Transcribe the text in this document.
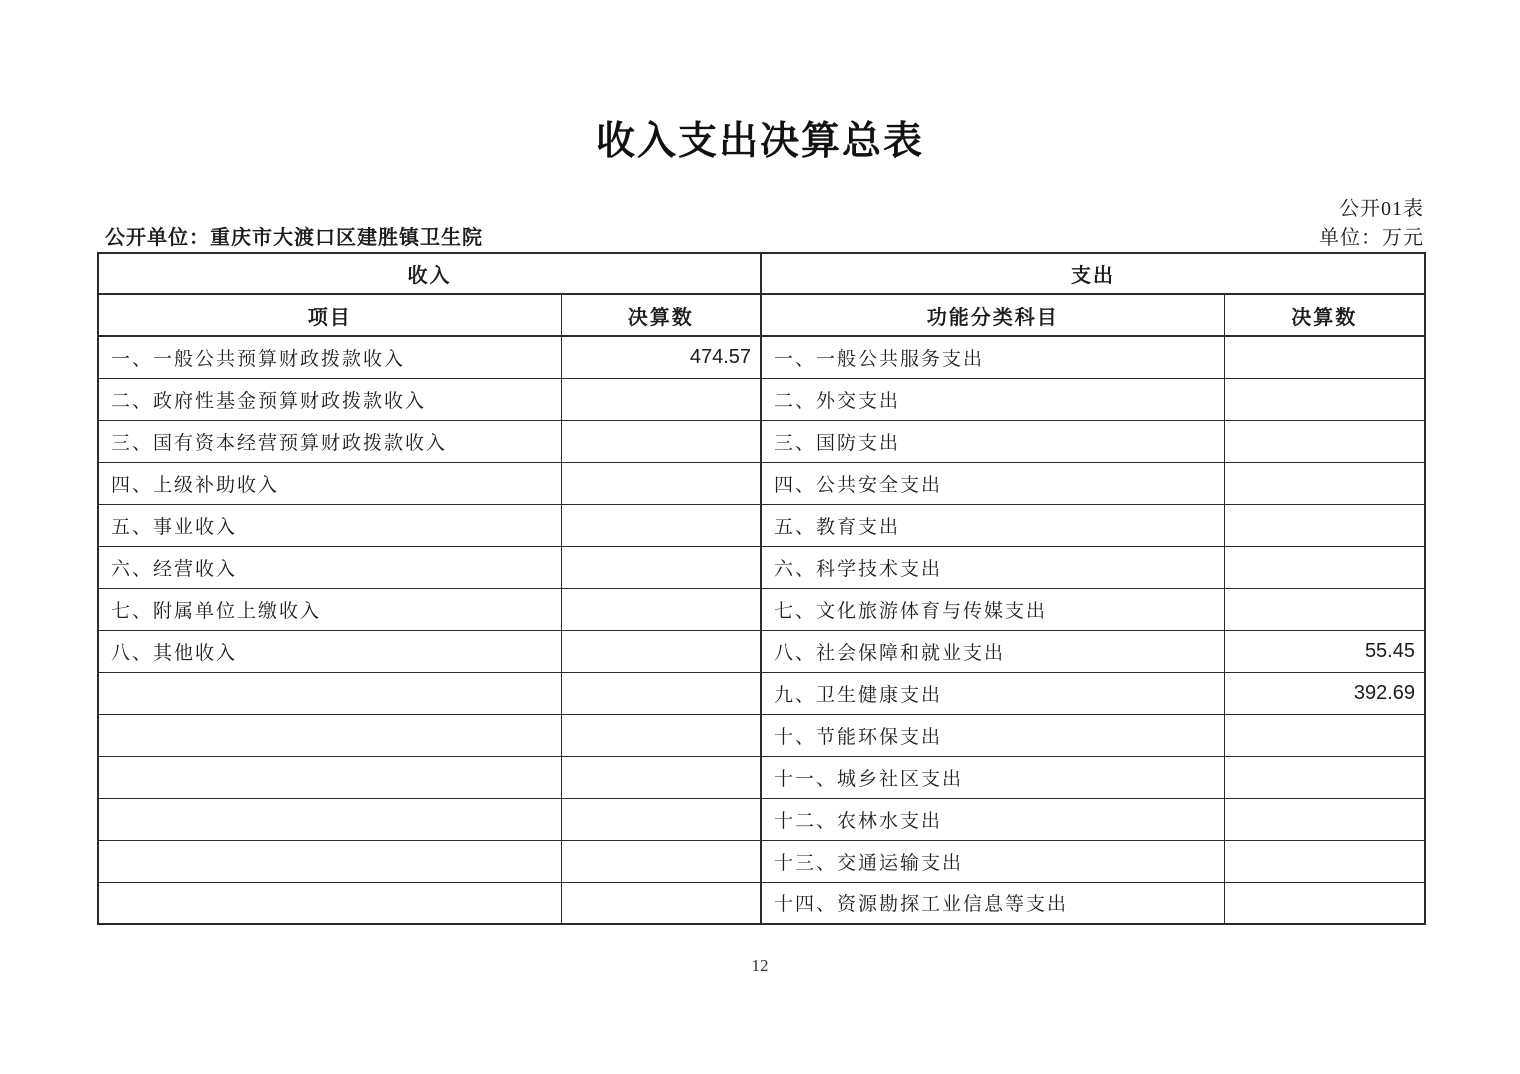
收入支出决算总表
公开01表
公开单位：重庆市大渡口区建胜镇卫生院	单位：万元
收入		支出	
项目	决算数	功能分类科目	决算数
一、一般公共预算财政拨款收入	474.57	一、一般公共服务支出	
二、政府性基金预算财政拨款收入		二、外交支出	
三、国有资本经营预算财政拨款收入		三、国防支出	
四、上级补助收入		四、公共安全支出	
五、事业收入		五、教育支出	
六、经营收入		六、科学技术支出	
七、附属单位上缴收入		七、文化旅游体育与传媒支出	
八、其他收入		八、社会保障和就业支出	55.45
		九、卫生健康支出	392.69
		十、节能环保支出	
		十一、城乡社区支出	
		十二、农林水支出	
		十三、交通运输支出	
		十四、资源勘探工业信息等支出	
12
